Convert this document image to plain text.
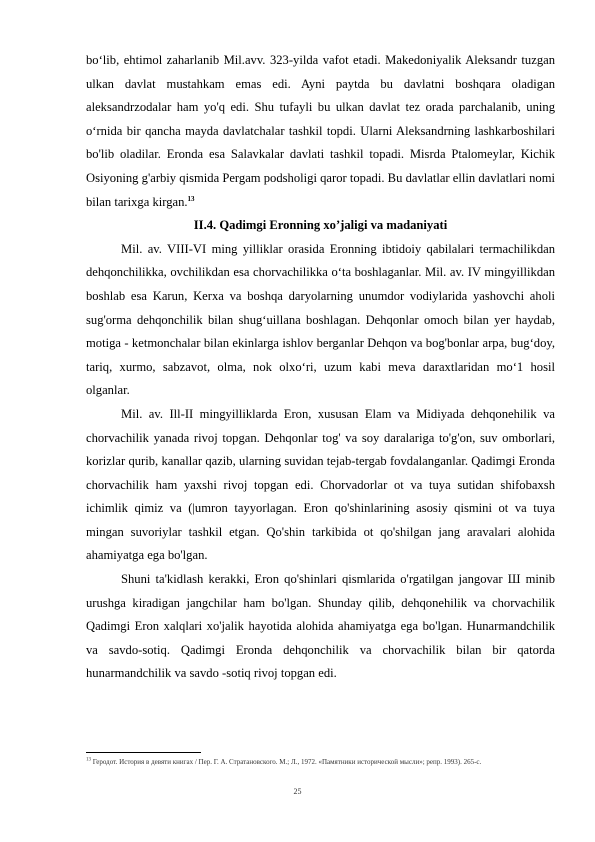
bo‘lib, ehtimol zaharlanib Mil.avv. 323-yilda vafot etadi. Makedoniyalik Aleksandr tuzgan ulkan davlat mustahkam emas edi. Ayni paytda bu davlatni boshqara oladigan aleksandrzodalar ham yo'q edi. Shu tufayli bu ulkan davlat tez orada parchalanib, uning o‘rnida bir qancha mayda davlatchalar tashkil topdi. Ularni Aleksandrning lashkarboshilari bo'lib oladilar. Eronda esa Salavkalar davlati tashkil topadi. Misrda Ptalomeylar, Kichik Osiyoning g'arbiy qismida Pergam podsholigi qaror topadi. Bu davlatlar ellin davlatlari nomi bilan tarixga kirgan.$^{13}$

II.4. Qadimgi Eronning xo’jaligi va madaniyati

Mil. av. VIII-VI ming yilliklar orasida Eronning ibtidoiy qabilalari termachilikdan dehqonchilikka, ovchilikdan esa chorvachilikka o‘ta boshlaganlar. Mil. av. IV mingyillikdan boshlab esa Karun, Kerxa va boshqa daryolarning unumdor vodiylarida yashovchi aholi sug'orma dehqonchilik bilan shug‘uillana boshlagan. Dehqonlar omoch bilan yer haydab, motiga - ketmonchalar bilan ekinlarga ishlov berganlar Dehqon va bog'bonlar arpa, bug‘doy, tariq, xurmo, sabzavot, olma, nok olxo‘ri, uzum kabi meva daraxtlaridan mo‘1 hosil olganlar.

Mil. av. Ill-II mingyilliklarda Eron, xususan Elam va Midiyada dehqonehilik va chorvachilik yanada rivoj topgan. Dehqonlar tog' va soy daralariga to'g'on, suv omborlari, korizlar qurib, kanallar qazib, ularning suvidan tejab-tergab fovdalanganlar. Qadimgi Eronda chorvachilik ham yaxshi rivoj topgan edi. Chorvadorlar ot va tuya sutidan shifobaxsh ichimlik qimiz va (|umron tayyorlagan. Eron qo'shinlarining asosiy qismini ot va tuya mingan suvoriylar tashkil etgan. Qo'shin tarkibida ot qo'shilgan jang aravalari alohida ahamiyatga ega bo'lgan.

Shuni ta'kidlash kerakki, Eron qo'shinlari qismlarida o'rgatilgan jangovar Ш minib urushga kiradigan jangchilar ham bo'lgan. Shunday qilib, dehqonehilik va chorvachilik Qadimgi Eron xalqlari xo'jalik hayotida alohida ahamiyatga ega bo'lgan. Hunarmandchilik va savdo-sotiq. Qadimgi Eronda dehqonchilik va chorvachilik bilan bir qatorda hunarmandchilik va savdo -sotiq rivoj topgan edi.

$^{13}$ Геродот. История в девяти книгах / Пер. Г. А. Стратановского. М.; Л., 1972. «Памятники исторической мысли»; репр. 1993). 265-с.
25
